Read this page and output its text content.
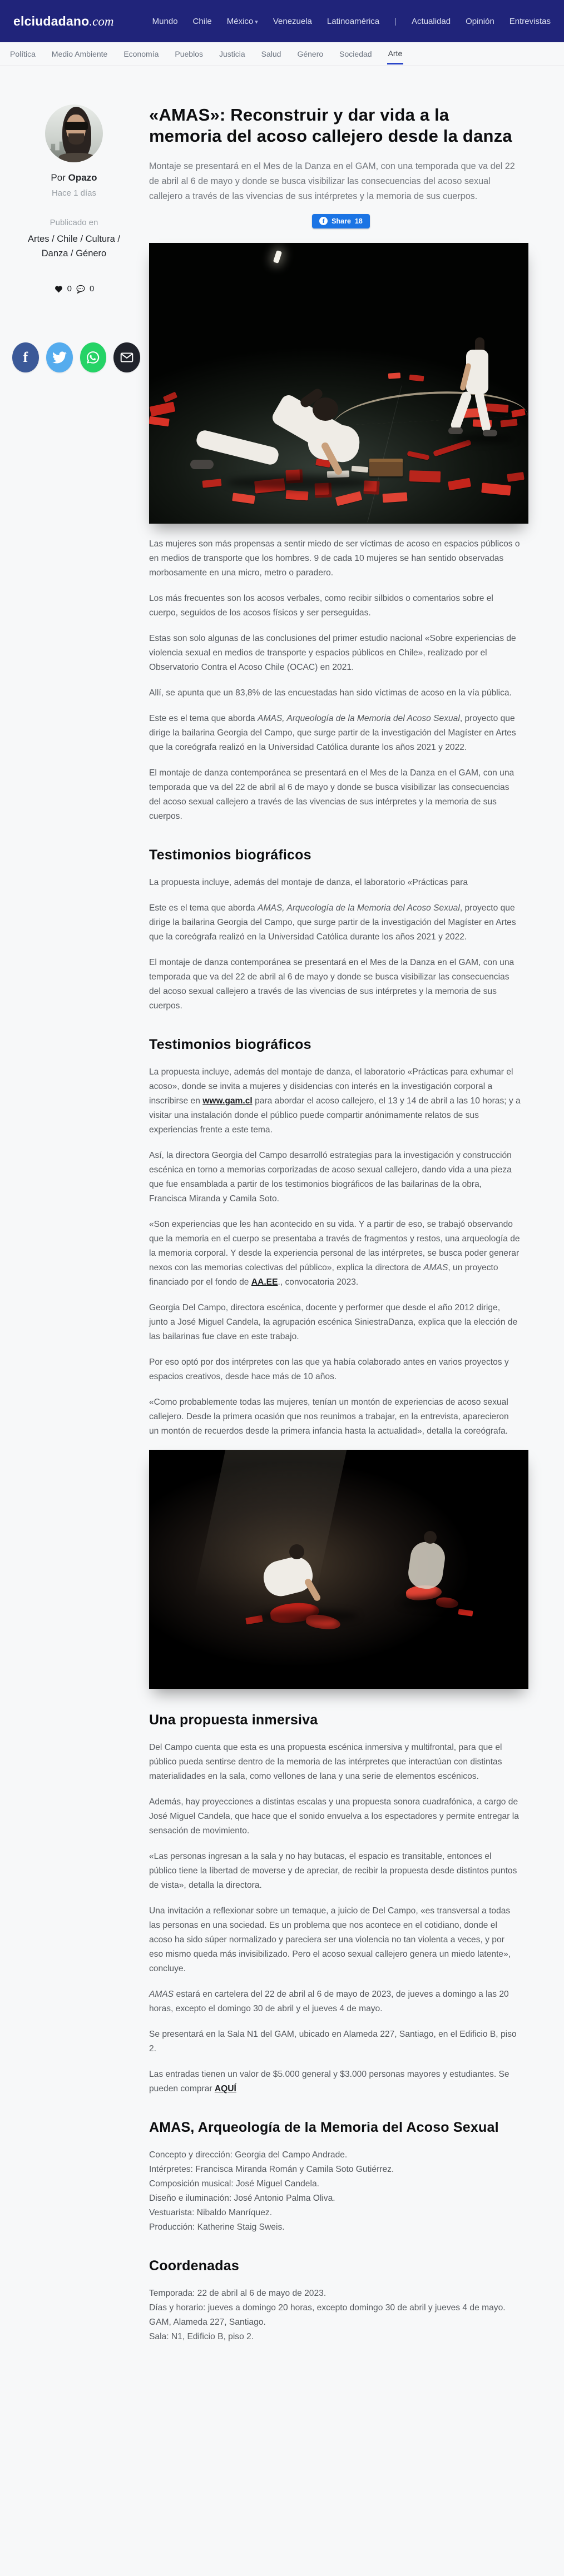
elciudadano.com	Mundo Chile México ▾ Venezuela Latinoamérica | Actualidad Opinión Entrevistas
Política Medio Ambiente Economía Pueblos Justicia Salud Género Sociedad Arte
Por Opazo
Hace 1 días
Publicado en
Artes / Chile / Cultura / Danza / Género
0 0
f
«AMAS»: Reconstruir y dar vida a la memoria del acoso callejero desde la danza

Montaje se presentará en el Mes de la Danza en el GAM, con una temporada que va del 22 de abril al 6 de mayo y donde se busca visibilizar las consecuencias del acoso sexual callejero a través de las vivencias de sus intérpretes y la memoria de sus cuerpos.

f	Share 18

Las mujeres son más propensas a sentir miedo de ser víctimas de acoso en espacios públicos o en medios de transporte que los hombres. 9 de cada 10 mujeres se han sentido observadas morbosamente en una micro, metro o paradero.

Los más frecuentes son los acosos verbales, como recibir silbidos o comentarios sobre el cuerpo, seguidos de los acosos físicos y ser perseguidas.

Estas son solo algunas de las conclusiones del primer estudio nacional «Sobre experiencias de violencia sexual en medios de transporte y espacios públicos en Chile», realizado por el Observatorio Contra el Acoso Chile (OCAC) en 2021.

Allí, se apunta que un 83,8% de las encuestadas han sido víctimas de acoso en la vía pública.

Este es el tema que aborda AMAS, Arqueología de la Memoria del Acoso Sexual, proyecto que dirige la bailarina Georgia del Campo, que surge partir de la investigación del Magíster en Artes que la coreógrafa realizó en la Universidad Católica durante los años 2021 y 2022.

El montaje de danza contemporánea se presentará en el Mes de la Danza en el GAM, con una temporada que va del 22 de abril al 6 de mayo y donde se busca visibilizar las consecuencias del acoso sexual callejero a través de las vivencias de sus intérpretes y la memoria de sus cuerpos.

Testimonios biográficos

La propuesta incluye, además del montaje de danza, el laboratorio «Prácticas para

Este es el tema que aborda AMAS, Arqueología de la Memoria del Acoso Sexual, proyecto que dirige la bailarina Georgia del Campo, que surge partir de la investigación del Magíster en Artes que la coreógrafa realizó en la Universidad Católica durante los años 2021 y 2022.

El montaje de danza contemporánea se presentará en el Mes de la Danza en el GAM, con una temporada que va del 22 de abril al 6 de mayo y donde se busca visibilizar las consecuencias del acoso sexual callejero a través de las vivencias de sus intérpretes y la memoria de sus cuerpos.

Testimonios biográficos

La propuesta incluye, además del montaje de danza, el laboratorio «Prácticas para exhumar el acoso», donde se invita a mujeres y disidencias con interés en la investigación corporal a inscribirse en www.gam.cl para abordar el acoso callejero, el 13 y 14 de abril a las 10 horas; y a visitar una instalación donde el público puede compartir anónimamente relatos de sus experiencias frente a este tema.

Así, la directora Georgia del Campo desarrolló estrategias para la investigación y construcción escénica en torno a memorias corporizadas de acoso sexual callejero, dando vida a una pieza que fue ensamblada a partir de los testimonios biográficos de las bailarinas de la obra, Francisca Miranda y Camila Soto.

«Son experiencias que les han acontecido en su vida. Y a partir de eso, se trabajó observando que la memoria en el cuerpo se presentaba a través de fragmentos y restos, una arqueología de la memoria corporal. Y desde la experiencia personal de las intérpretes, se busca poder generar nexos con las memorias colectivas del público», explica la directora de AMAS, un proyecto financiado por el fondo de AA.EE., convocatoria 2023.

Georgia Del Campo, directora escénica, docente y performer que desde el año 2012 dirige, junto a José Miguel Candela, la agrupación escénica SiniestraDanza, explica que la elección de las bailarinas fue clave en este trabajo.

Por eso optó por dos intérpretes con las que ya había colaborado antes en varios proyectos y espacios creativos, desde hace más de 10 años.

«Como probablemente todas las mujeres, tenían un montón de experiencias de acoso sexual callejero. Desde la primera ocasión que nos reunimos a trabajar, en la entrevista, aparecieron un montón de recuerdos desde la primera infancia hasta la actualidad», detalla la coreógrafa.

Una propuesta inmersiva

Del Campo cuenta que esta es una propuesta escénica inmersiva y multifrontal, para que el público pueda sentirse dentro de la memoria de las intérpretes que interactúan con distintas materialidades en la sala, como vellones de lana y una serie de elementos escénicos.

Además, hay proyecciones a distintas escalas y una propuesta sonora cuadrafónica, a cargo de José Miguel Candela, que hace que el sonido envuelva a los espectadores y permite entregar la sensación de movimiento.

«Las personas ingresan a la sala y no hay butacas, el espacio es transitable, entonces el público tiene la libertad de moverse y de apreciar, de recibir la propuesta desde distintos puntos de vista», detalla la directora.

Una invitación a reflexionar sobre un temaque, a juicio de Del Campo, «es transversal a todas las personas en una sociedad. Es un problema que nos acontece en el cotidiano, donde el acoso ha sido súper normalizado y pareciera ser una violencia no tan violenta a veces, y por eso mismo queda más invisibilizado. Pero el acoso sexual callejero genera un miedo latente», concluye.

AMAS estará en cartelera del 22 de abril al 6 de mayo de 2023, de jueves a domingo a las 20 horas, excepto el domingo 30 de abril y el jueves 4 de mayo.

Se presentará en la Sala N1 del GAM, ubicado en Alameda 227, Santiago, en el Edificio B, piso 2.

Las entradas tienen un valor de $5.000 general y $3.000 personas mayores y estudiantes. Se pueden comprar AQUÍ

AMAS, Arqueología de la Memoria del Acoso Sexual

Concepto y dirección: Georgia del Campo Andrade.
Intérpretes: Francisca Miranda Román y Camila Soto Gutiérrez.
Composición musical: José Miguel Candela.
Diseño e iluminación: José Antonio Palma Oliva.
Vestuarista: Nibaldo Manríquez.
Producción: Katherine Staig Sweis.

Coordenadas

Temporada: 22 de abril al 6 de mayo de 2023.
Días y horario: jueves a domingo 20 horas, excepto domingo 30 de abril y jueves 4 de mayo.
GAM, Alameda 227, Santiago.
Sala: N1, Edificio B, piso 2.
